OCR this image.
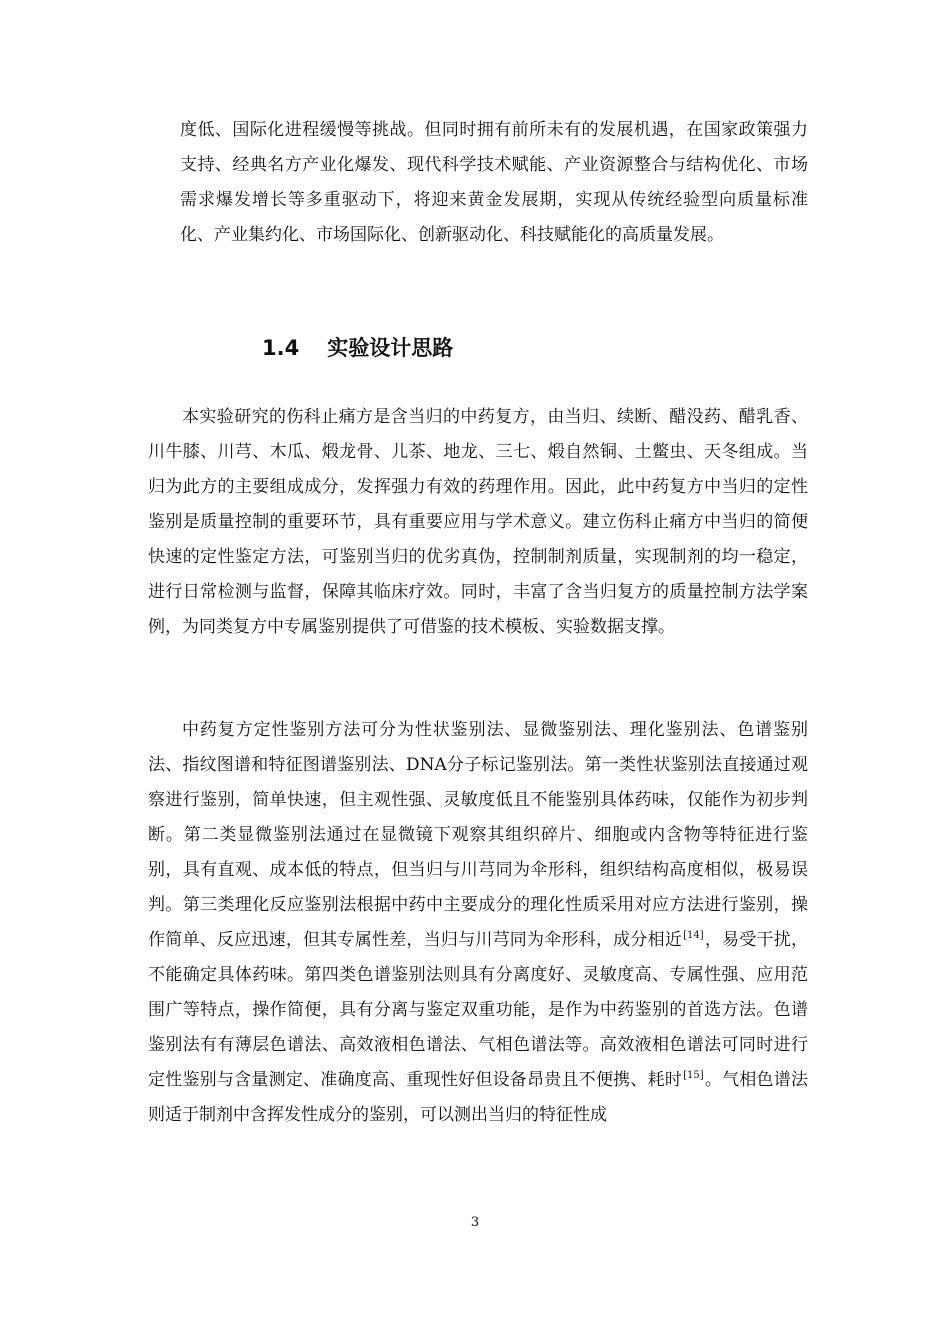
度低、国际化进程缓慢等挑战。但同时拥有前所未有的发展机遇，在国家政策强力支持、经典名方产业化爆发、现代科学技术赋能、产业资源整合与结构优化、市场需求爆发增长等多重驱动下，将迎来黄金发展期，实现从传统经验型向质量标准化、产业集约化、市场国际化、创新驱动化、科技赋能化的高质量发展。

1.4 实验设计思路

本实验研究的伤科止痛方是含当归的中药复方，由当归、续断、醋没药、醋乳香、川牛膝、川芎、木瓜、煅龙骨、儿茶、地龙、三七、煅自然铜、土鳖虫、天冬组成。当归为此方的主要组成成分，发挥强力有效的药理作用。因此，此中药复方中当归的定性鉴别是质量控制的重要环节，具有重要应用与学术意义。建立伤科止痛方中当归的简便快速的定性鉴定方法，可鉴别当归的优劣真伪，控制制剂质量，实现制剂的均一稳定，进行日常检测与监督，保障其临床疗效。同时，丰富了含当归复方的质量控制方法学案例，为同类复方中专属鉴别提供了可借鉴的技术模板、实验数据支撑。

中药复方定性鉴别方法可分为性状鉴别法、显微鉴别法、理化鉴别法、色谱鉴别法、指纹图谱和特征图谱鉴别法、DNA分子标记鉴别法。第一类性状鉴别法直接通过观察进行鉴别，简单快速，但主观性强、灵敏度低且不能鉴别具体药味，仅能作为初步判断。第二类显微鉴别法通过在显微镜下观察其组织碎片、细胞或内含物等特征进行鉴别，具有直观、成本低的特点，但当归与川芎同为伞形科，组织结构高度相似，极易误判。第三类理化反应鉴别法根据中药中主要成分的理化性质采用对应方法进行鉴别，操作简单、反应迅速，但其专属性差，当归与川芎同为伞形科，成分相近[14]，易受干扰，不能确定具体药味。第四类色谱鉴别法则具有分离度好、灵敏度高、专属性强、应用范围广等特点，操作简便，具有分离与鉴定双重功能，是作为中药鉴别的首选方法。色谱鉴别法有有薄层色谱法、高效液相色谱法、气相色谱法等。高效液相色谱法可同时进行定性鉴别与含量测定、准确度高、重现性好但设备昂贵且不便携、耗时[15]。气相色谱法则适于制剂中含挥发性成分的鉴别，可以测出当归的特征性成

3
